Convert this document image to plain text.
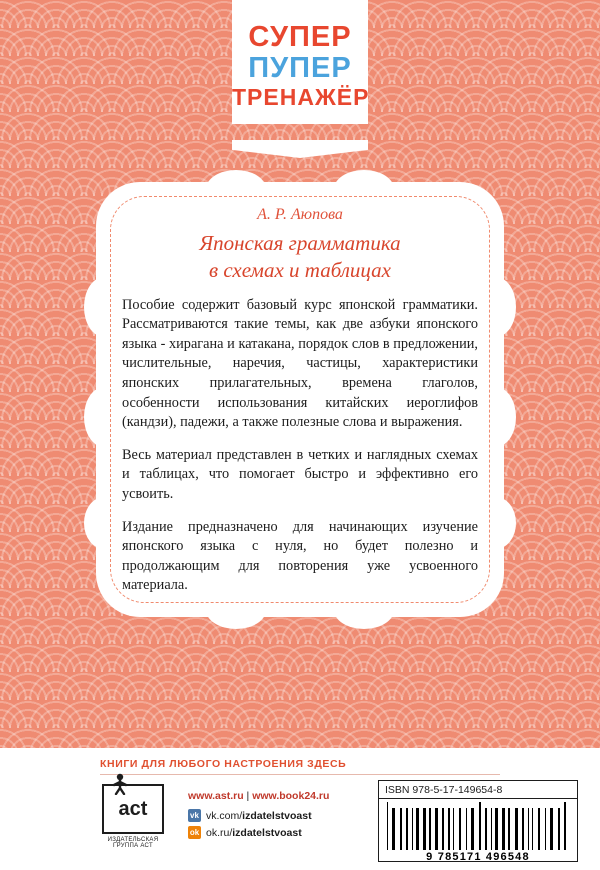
СУПЕР
ПУПЕР
ТРЕНАЖЁР
А. Р. Аюпова
Японская грамматика
в схемах и таблицах

Пособие содержит базовый курс японской грамматики. Рассматриваются такие темы, как две азбуки японского языка - хирагана и катакана, порядок слов в предложении, числительные, наречия, частицы, характеристики японских прилагательных, времена глаголов, особенности использования китайских иероглифов (кандзи), падежи, а также полезные слова и выражения.

Весь материал представлен в четких и наглядных схемах и таблицах, что помогает быстро и эффективно его усвоить.

Издание предназначено для начинающих изучение японского языка с нуля, но будет полезно и продолжающим для повторения уже усвоенного материала.

КНИГИ ДЛЯ ЛЮБОГО НАСТРОЕНИЯ ЗДЕСЬ
act
ИЗДАТЕЛЬСКАЯ ГРУППА АСТ
www.ast.ru | www.book24.ru
vk vk.com/ izdatelstvoast
ok ok.ru/ izdatelstvoast
ISBN 978-5-17-149654-8
9 785171 496548
